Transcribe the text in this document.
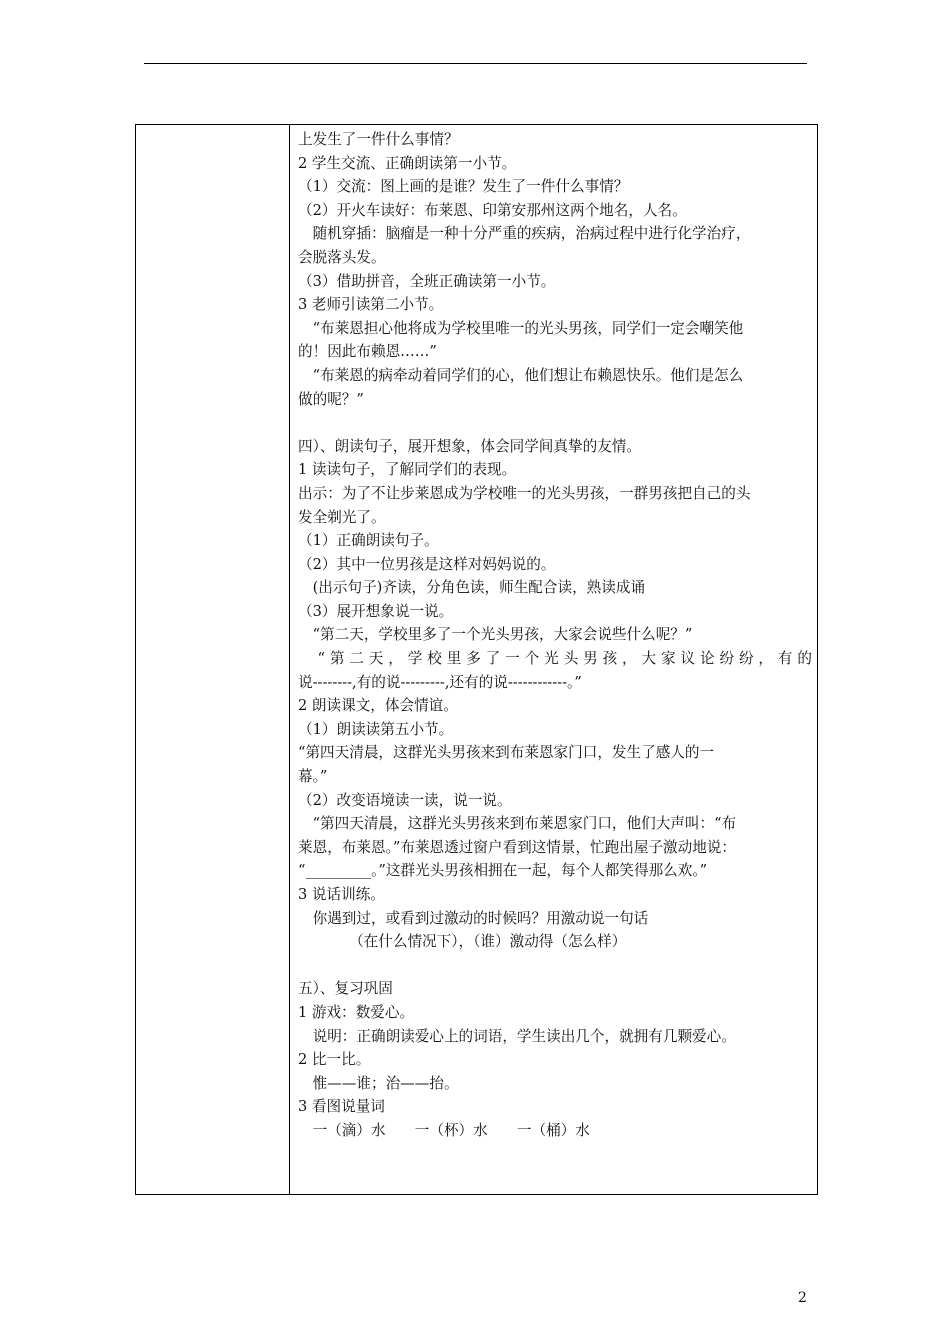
上发生了一件什么事情？
2 学生交流、正确朗读第一小节。
（1）交流：图上画的是谁？发生了一件什么事情？
（2）开火车读好：布莱恩、印第安那州这两个地名，人名。
　随机穿插：脑瘤是一种十分严重的疾病，治病过程中进行化学治疗，
会脱落头发。
（3）借助拼音，全班正确读第一小节。
3 老师引读第二小节。
　“布莱恩担心他将成为学校里唯一的光头男孩，同学们一定会嘲笑他
的！因此布赖恩……”
　“布莱恩的病牵动着同学们的心，他们想让布赖恩快乐。他们是怎么
做的呢？”
四）、朗读句子，展开想象，体会同学间真挚的友情。
1 读读句子，了解同学们的表现。
出示：为了不让步莱恩成为学校唯一的光头男孩，一群男孩把自己的头
发全剃光了。
（1）正确朗读句子。
（2）其中一位男孩是这样对妈妈说的。
　(出示句子)齐读，分角色读，师生配合读，熟读成诵
（3）展开想象说一说。
　“第二天，学校里多了一个光头男孩，大家会说些什么呢？”
　“第二天，学校里多了一个光头男孩，大家议论纷纷，有的
说--------,有的说---------,还有的说------------。”
2 朗读课文，体会情谊。
（1）朗读读第五小节。
“第四天清晨，这群光头男孩来到布莱恩家门口，发生了感人的一
幕。”
（2）改变语境读一读，说一说。
　“第四天清晨，这群光头男孩来到布莱恩家门口，他们大声叫：“布
莱恩，布莱恩。”布莱恩透过窗户看到这情景，忙跑出屋子激动地说：
“_________。”这群光头男孩相拥在一起，每个人都笑得那么欢。”
3 说话训练。
　你遇到过，或看到过激动的时候吗？用激动说一句话
　　　　（在什么情况下），（谁）激动得（怎么样）
五）、复习巩固
1 游戏：数爱心。
　说明：正确朗读爱心上的词语，学生读出几个，就拥有几颗爱心。
2 比一比。
　惟——谁；治——抬。
3 看图说量词
　一（滴）水　　一（杯）水　　一（桶）水
2
